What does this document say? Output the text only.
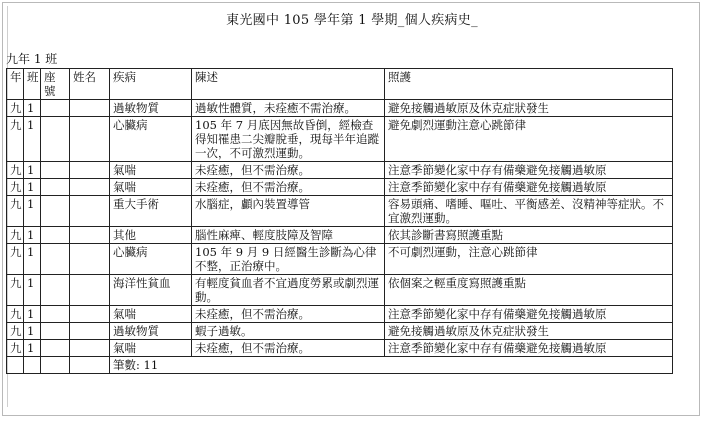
東光國中 105 學年第 1 學期_個人疾病史_
九年 1 班
年	班	座號	姓名	疾病	陳述	照護
九	1			過敏物質	過敏性體質，未痊癒不需治療。	避免接觸過敏原及休克症狀發生
九	1			心臟病	105 年 7 月底因無故昏倒，經檢查得知罹患二尖瓣脫垂，現每半年追蹤一次，不可激烈運動。	避免劇烈運動注意心跳節律
九	1			氣喘	未痊癒，但不需治療。	注意季節變化家中存有備藥避免接觸過敏原
九	1			氣喘	未痊癒，但不需治療。	注意季節變化家中存有備藥避免接觸過敏原
九	1			重大手術	水腦症，顱內裝置導管	容易頭痛、嗜睡、嘔吐、平衡感差、沒精神等症狀。不宜激烈運動。
九	1			其他	腦性麻痺、輕度肢障及智障	依其診斷書寫照護重點
九	1			心臟病	105 年 9 月 9 日經醫生診斷為心律不整，正治療中。	不可劇烈運動，注意心跳節律
九	1			海洋性貧血	有輕度貧血者不宜過度勞累或劇烈運動。	依個案之輕重度寫照護重點
九	1			氣喘	未痊癒，但不需治療。	注意季節變化家中存有備藥避免接觸過敏原
九	1			過敏物質	蝦子過敏。	避免接觸過敏原及休克症狀發生
九	1			氣喘	未痊癒，但不需治療。	注意季節變化家中存有備藥避免接觸過敏原
				筆數: 11		
